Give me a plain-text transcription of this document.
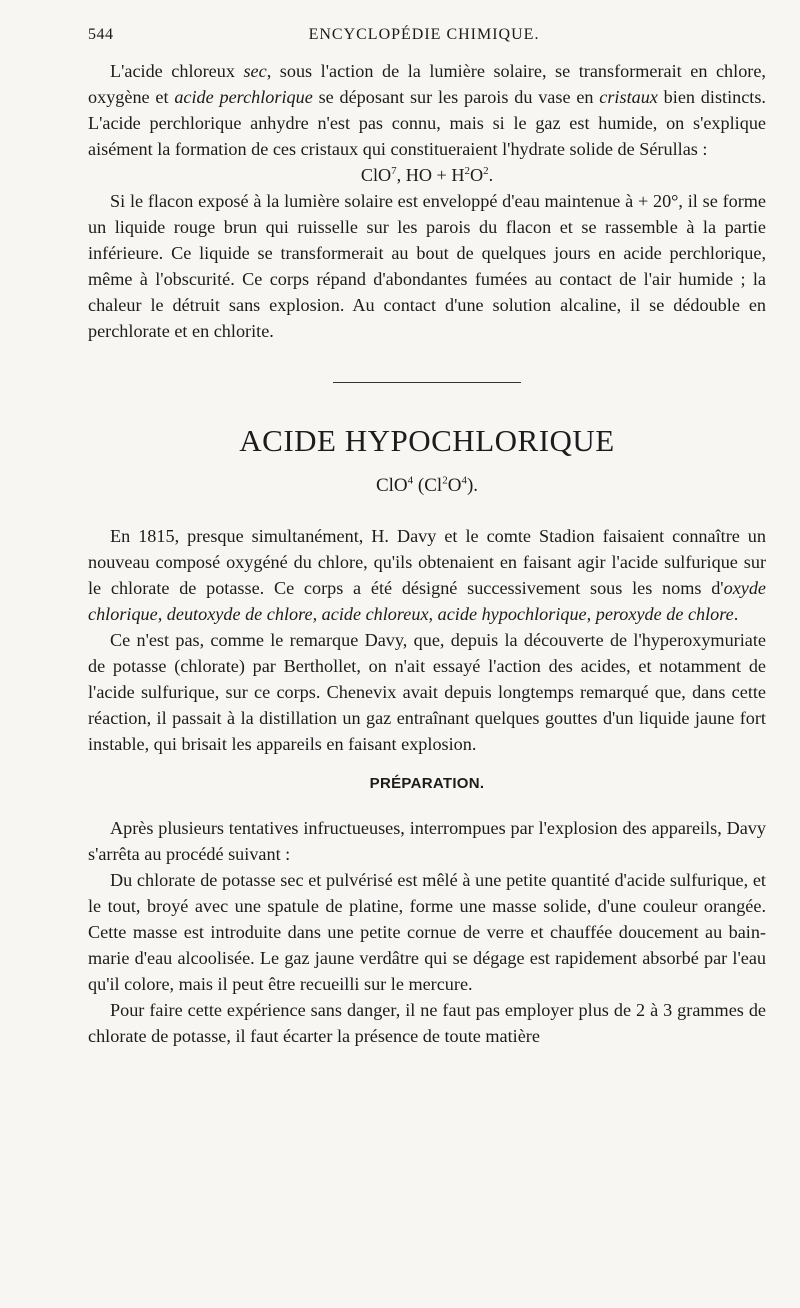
544	ENCYCLOPÉDIE CHIMIQUE.

L'acide chloreux sec, sous l'action de la lumière solaire, se transformerait en chlore, oxygène et acide perchlorique se déposant sur les parois du vase en cristaux bien distincts. L'acide perchlorique anhydre n'est pas connu, mais si le gaz est humide, on s'explique aisément la formation de ces cristaux qui constitueraient l'hydrate solide de Sérullas :

ClO$^7$, HO + $H^2O^2$.

Si le flacon exposé à la lumière solaire est enveloppé d'eau maintenue à + 20°, il se forme un liquide rouge brun qui ruisselle sur les parois du flacon et se rassemble à la partie inférieure. Ce liquide se transformerait au bout de quelques jours en acide perchlorique, même à l'obscurité. Ce corps répand d'abondantes fumées au contact de l'air humide ; la chaleur le détruit sans explosion. Au contact d'une solution alcaline, il se dédouble en perchlorate et en chlorite.

ACIDE HYPOCHLORIQUE
ClO$^4$ $(Cl^2O^4)$.

En 1815, presque simultanément, H. Davy et le comte Stadion faisaient connaître un nouveau composé oxygéné du chlore, qu'ils obtenaient en faisant agir l'acide sulfurique sur le chlorate de potasse. Ce corps a été désigné successivement sous les noms d'oxyde chlorique, deutoxyde de chlore, acide chloreux, acide hypochlorique, peroxyde de chlore.

Ce n'est pas, comme le remarque Davy, que, depuis la découverte de l'hyperoxymuriate de potasse (chlorate) par Berthollet, on n'ait essayé l'action des acides, et notamment de l'acide sulfurique, sur ce corps. Chenevix avait depuis longtemps remarqué que, dans cette réaction, il passait à la distillation un gaz entraînant quelques gouttes d'un liquide jaune fort instable, qui brisait les appareils en faisant explosion.

PRÉPARATION.

Après plusieurs tentatives infructueuses, interrompues par l'explosion des appareils, Davy s'arrêta au procédé suivant :

Du chlorate de potasse sec et pulvérisé est mêlé à une petite quantité d'acide sulfurique, et le tout, broyé avec une spatule de platine, forme une masse solide, d'une couleur orangée. Cette masse est introduite dans une petite cornue de verre et chauffée doucement au bain-marie d'eau alcoolisée. Le gaz jaune verdâtre qui se dégage est rapidement absorbé par l'eau qu'il colore, mais il peut être recueilli sur le mercure.

Pour faire cette expérience sans danger, il ne faut pas employer plus de 2 à 3 grammes de chlorate de potasse, il faut écarter la présence de toute matière
